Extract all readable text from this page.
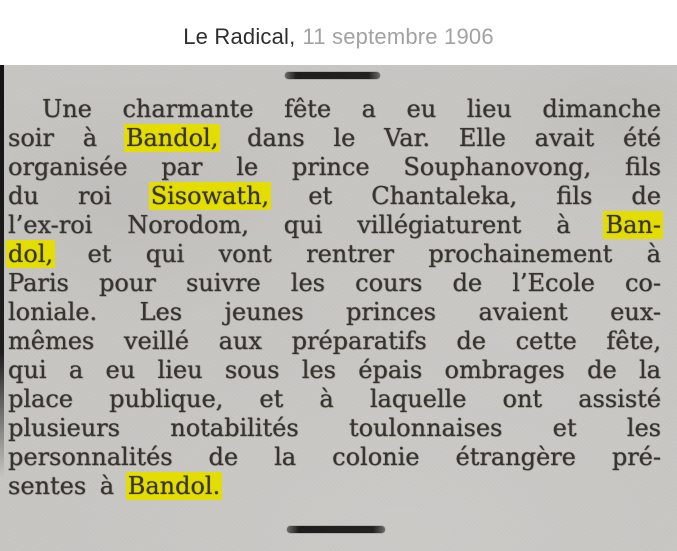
Le Radical, 11 septembre 1906
Une charmante fête a eu lieu dimanche
soir à Bandol, dans le Var. Elle avait été
organisée par le prince Souphanovong, fils
du roi Sisowath, et Chantaleka, fils de
l’ex-roi Norodom, qui villégiaturent à Ban-
dol, et qui vont rentrer prochainement à
Paris pour suivre les cours de l’Ecole co-
loniale. Les jeunes princes avaient eux-
mêmes veillé aux préparatifs de cette fête,
qui a eu lieu sous les épais ombrages de la
place publique, et à laquelle ont assisté
plusieurs notabilités toulonnaises et les
personnalités de la colonie étrangère pré-
sentes à Bandol.
